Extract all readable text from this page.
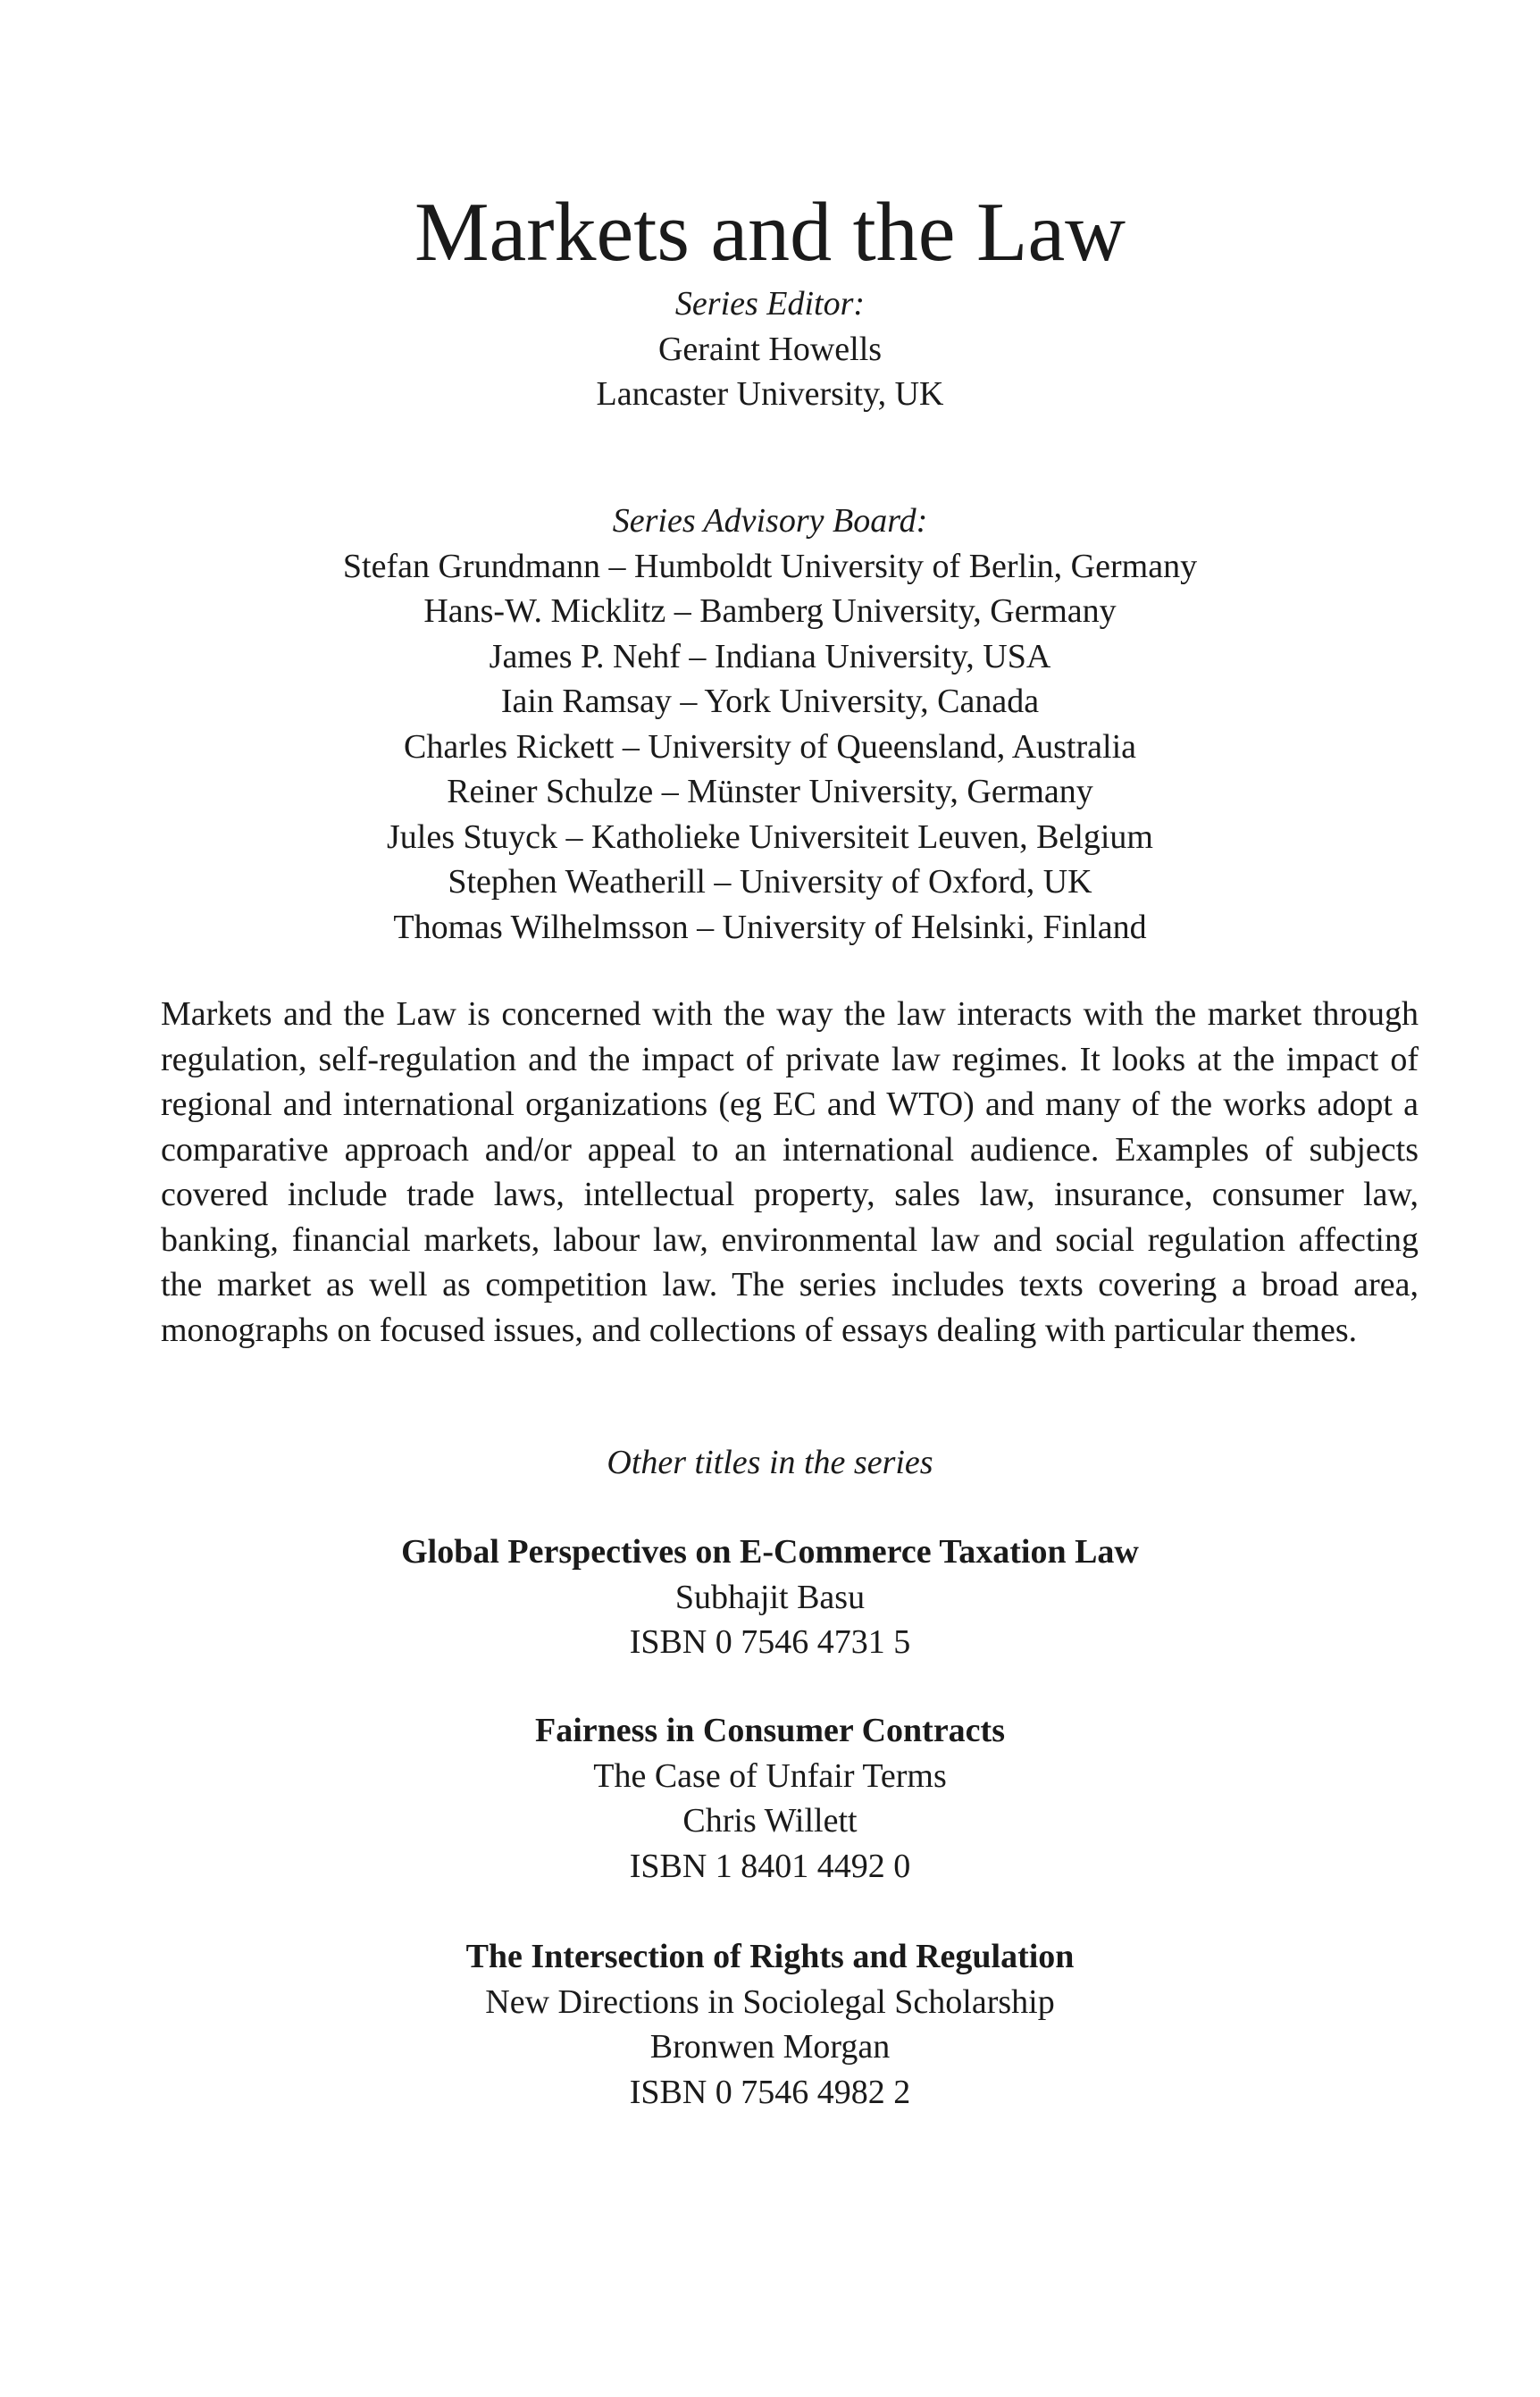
Markets and the Law
Series Editor:
Geraint Howells
Lancaster University, UK
Series Advisory Board:
Stefan Grundmann – Humboldt University of Berlin, Germany
Hans-W. Micklitz – Bamberg University, Germany
James P. Nehf – Indiana University, USA
Iain Ramsay – York University, Canada
Charles Rickett – University of Queensland, Australia
Reiner Schulze – Münster University, Germany
Jules Stuyck – Katholieke Universiteit Leuven, Belgium
Stephen Weatherill – University of Oxford, UK
Thomas Wilhelmsson – University of Helsinki, Finland

Markets and the Law is concerned with the way the law interacts with the market through regulation, self-regulation and the impact of private law regimes. It looks at the impact of regional and international organizations (eg EC and WTO) and many of the works adopt a comparative approach and/or appeal to an international audience. Examples of subjects covered include trade laws, intellectual property, sales law, insurance, consumer law, banking, financial markets, labour law, environmental law and social regulation affecting the market as well as competition law. The series includes texts covering a broad area, monographs on focused issues, and collections of essays dealing with particular themes.

Other titles in the series
Global Perspectives on E-Commerce Taxation Law
Subhajit Basu
ISBN 0 7546 4731 5
Fairness in Consumer Contracts
The Case of Unfair Terms
Chris Willett
ISBN 1 8401 4492 0
The Intersection of Rights and Regulation
New Directions in Sociolegal Scholarship
Bronwen Morgan
ISBN 0 7546 4982 2
